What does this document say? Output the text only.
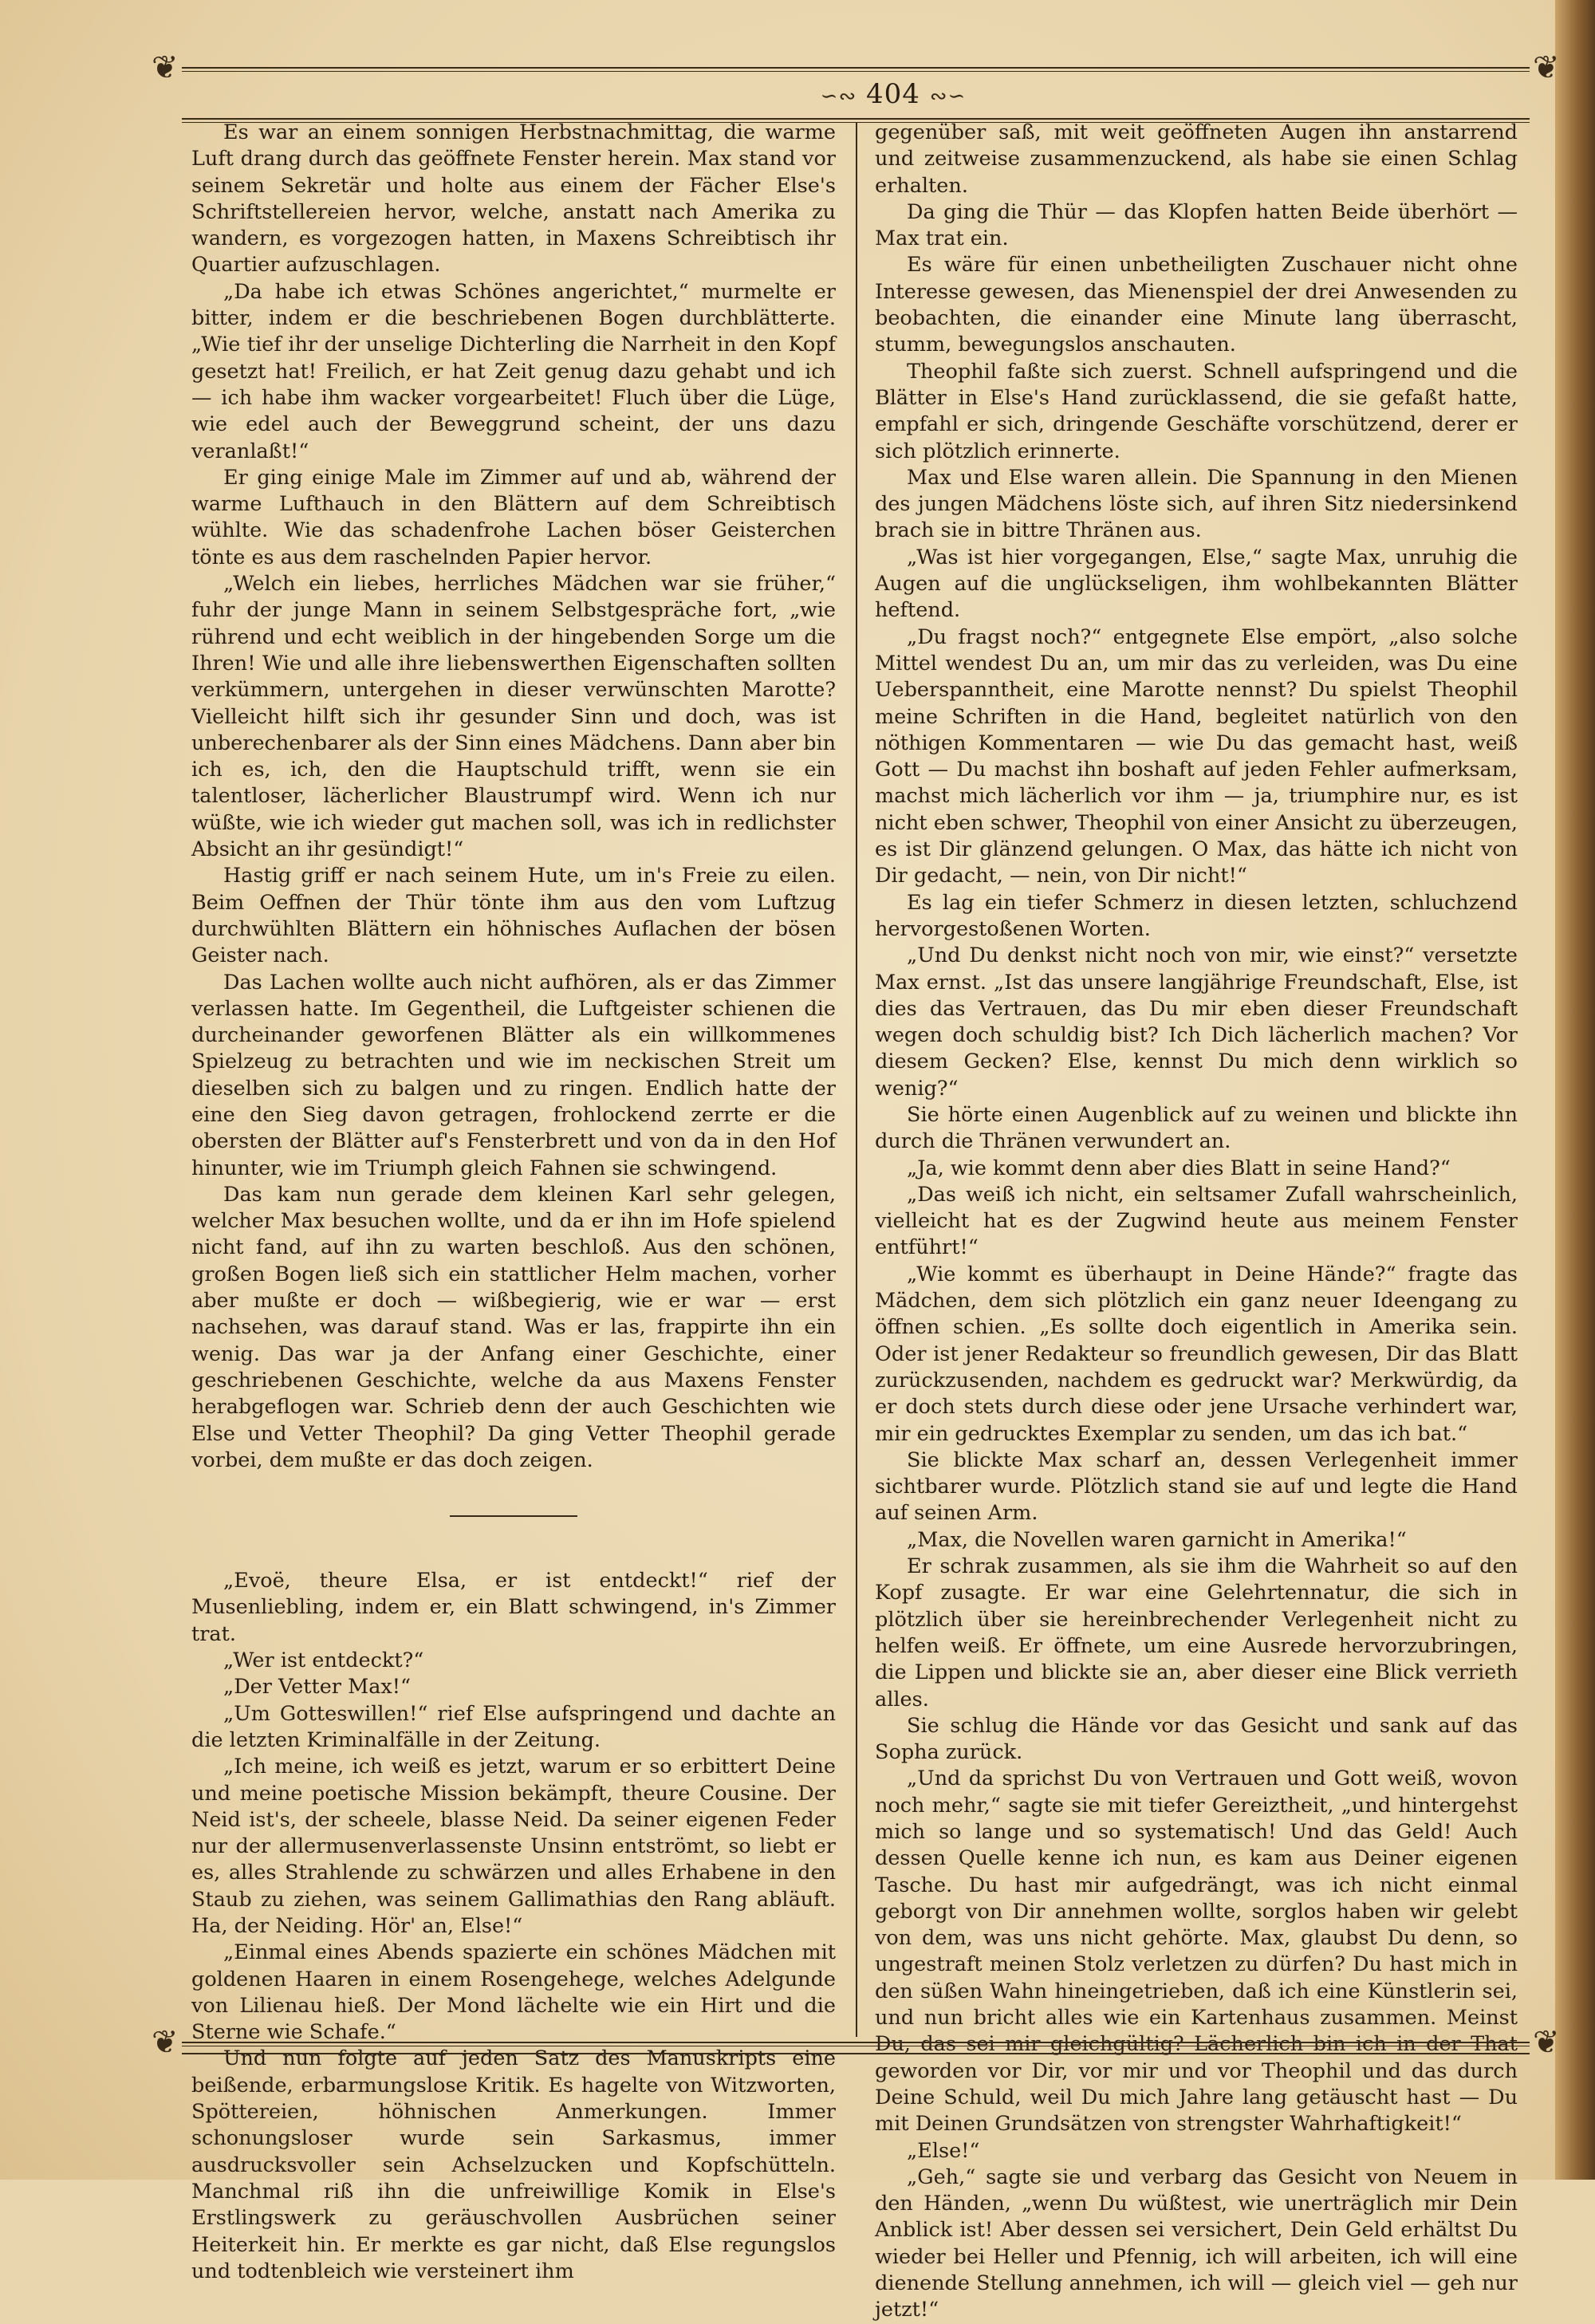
❦	❦
∽∾ 404 ∾∽

Es war an einem sonnigen Herbstnachmittag, die warme Luft drang durch das geöffnete Fenster herein. Max stand vor seinem Sekretär und holte aus einem der Fächer Else's Schriftstellereien hervor, welche, anstatt nach Amerika zu wandern, es vorgezogen hatten, in Maxens Schreibtisch ihr Quartier aufzuschlagen.

„Da habe ich etwas Schönes angerichtet,“ murmelte er bitter, indem er die beschriebenen Bogen durchblätterte. „Wie tief ihr der unselige Dichterling die Narrheit in den Kopf gesetzt hat! Freilich, er hat Zeit genug dazu gehabt und ich — ich habe ihm wacker vorgearbeitet! Fluch über die Lüge, wie edel auch der Beweggrund scheint, der uns dazu veranlaßt!“

Er ging einige Male im Zimmer auf und ab, während der warme Lufthauch in den Blättern auf dem Schreibtisch wühlte. Wie das schadenfrohe Lachen böser Geisterchen tönte es aus dem raschelnden Papier hervor.

„Welch ein liebes, herrliches Mädchen war sie früher,“ fuhr der junge Mann in seinem Selbstgespräche fort, „wie rührend und echt weiblich in der hingebenden Sorge um die Ihren! Wie und alle ihre liebenswerthen Eigenschaften sollten verkümmern, untergehen in dieser verwünschten Marotte? Vielleicht hilft sich ihr gesunder Sinn und doch, was ist unberechenbarer als der Sinn eines Mädchens. Dann aber bin ich es, ich, den die Hauptschuld trifft, wenn sie ein talentloser, lächerlicher Blaustrumpf wird. Wenn ich nur wüßte, wie ich wieder gut machen soll, was ich in redlichster Absicht an ihr gesündigt!“

Hastig griff er nach seinem Hute, um in's Freie zu eilen. Beim Oeffnen der Thür tönte ihm aus den vom Luftzug durchwühlten Blättern ein höhnisches Auflachen der bösen Geister nach.

Das Lachen wollte auch nicht aufhören, als er das Zimmer verlassen hatte. Im Gegentheil, die Luftgeister schienen die durcheinander geworfenen Blätter als ein willkommenes Spielzeug zu betrachten und wie im neckischen Streit um dieselben sich zu balgen und zu ringen. Endlich hatte der eine den Sieg davon getragen, frohlockend zerrte er die obersten der Blätter auf's Fensterbrett und von da in den Hof hinunter, wie im Triumph gleich Fahnen sie schwingend.

Das kam nun gerade dem kleinen Karl sehr gelegen, welcher Max besuchen wollte, und da er ihn im Hofe spielend nicht fand, auf ihn zu warten beschloß. Aus den schönen, großen Bogen ließ sich ein stattlicher Helm machen, vorher aber mußte er doch — wißbegierig, wie er war — erst nachsehen, was darauf stand. Was er las, frappirte ihn ein wenig. Das war ja der Anfang einer Geschichte, einer geschriebenen Geschichte, welche da aus Maxens Fenster herabgeflogen war. Schrieb denn der auch Geschichten wie Else und Vetter Theophil? Da ging Vetter Theophil gerade vorbei, dem mußte er das doch zeigen.

„Evoë, theure Elsa, er ist entdeckt!“ rief der Musenliebling, indem er, ein Blatt schwingend, in's Zimmer trat.

„Wer ist entdeckt?“

„Der Vetter Max!“

„Um Gotteswillen!“ rief Else aufspringend und dachte an die letzten Kriminalfälle in der Zeitung.

„Ich meine, ich weiß es jetzt, warum er so erbittert Deine und meine poetische Mission bekämpft, theure Cousine. Der Neid ist's, der scheele, blasse Neid. Da seiner eigenen Feder nur der allermusenverlassenste Unsinn entströmt, so liebt er es, alles Strahlende zu schwärzen und alles Erhabene in den Staub zu ziehen, was seinem Gallimathias den Rang abläuft. Ha, der Neiding. Hör' an, Else!“

„Einmal eines Abends spazierte ein schönes Mädchen mit goldenen Haaren in einem Rosengehege, welches Adelgunde von Lilienau hieß. Der Mond lächelte wie ein Hirt und die Sterne wie Schafe.“

Und nun folgte auf jeden Satz des Manuskripts eine beißende, erbarmungslose Kritik. Es hagelte von Witzworten, Spöttereien, höhnischen Anmerkungen. Immer schonungsloser wurde sein Sarkasmus, immer ausdrucksvoller sein Achselzucken und Kopfschütteln. Manchmal riß ihn die unfreiwillige Komik in Else's Erstlingswerk zu geräuschvollen Ausbrüchen seiner Heiterkeit hin. Er merkte es gar nicht, daß Else regungslos und todtenbleich wie versteinert ihm

gegenüber saß, mit weit geöffneten Augen ihn anstarrend und zeitweise zusammenzuckend, als habe sie einen Schlag erhalten.

Da ging die Thür — das Klopfen hatten Beide überhört — Max trat ein.

Es wäre für einen unbetheiligten Zuschauer nicht ohne Interesse gewesen, das Mienenspiel der drei Anwesenden zu beobachten, die einander eine Minute lang überrascht, stumm, bewegungslos anschauten.

Theophil faßte sich zuerst. Schnell aufspringend und die Blätter in Else's Hand zurücklassend, die sie gefaßt hatte, empfahl er sich, dringende Geschäfte vorschützend, derer er sich plötzlich erinnerte.

Max und Else waren allein. Die Spannung in den Mienen des jungen Mädchens löste sich, auf ihren Sitz niedersinkend brach sie in bittre Thränen aus.

„Was ist hier vorgegangen, Else,“ sagte Max, unruhig die Augen auf die unglückseligen, ihm wohlbekannten Blätter heftend.

„Du fragst noch?“ entgegnete Else empört, „also solche Mittel wendest Du an, um mir das zu verleiden, was Du eine Ueberspanntheit, eine Marotte nennst? Du spielst Theophil meine Schriften in die Hand, begleitet natürlich von den nöthigen Kommentaren — wie Du das gemacht hast, weiß Gott — Du machst ihn boshaft auf jeden Fehler aufmerksam, machst mich lächerlich vor ihm — ja, triumphire nur, es ist nicht eben schwer, Theophil von einer Ansicht zu überzeugen, es ist Dir glänzend gelungen. O Max, das hätte ich nicht von Dir gedacht, — nein, von Dir nicht!“

Es lag ein tiefer Schmerz in diesen letzten, schluchzend hervorgestoßenen Worten.

„Und Du denkst nicht noch von mir, wie einst?“ versetzte Max ernst. „Ist das unsere langjährige Freundschaft, Else, ist dies das Vertrauen, das Du mir eben dieser Freundschaft wegen doch schuldig bist? Ich Dich lächerlich machen? Vor diesem Gecken? Else, kennst Du mich denn wirklich so wenig?“

Sie hörte einen Augenblick auf zu weinen und blickte ihn durch die Thränen verwundert an.

„Ja, wie kommt denn aber dies Blatt in seine Hand?“

„Das weiß ich nicht, ein seltsamer Zufall wahrscheinlich, vielleicht hat es der Zugwind heute aus meinem Fenster entführt!“

„Wie kommt es überhaupt in Deine Hände?“ fragte das Mädchen, dem sich plötzlich ein ganz neuer Ideengang zu öffnen schien. „Es sollte doch eigentlich in Amerika sein. Oder ist jener Redakteur so freundlich gewesen, Dir das Blatt zurückzusenden, nachdem es gedruckt war? Merkwürdig, da er doch stets durch diese oder jene Ursache verhindert war, mir ein gedrucktes Exemplar zu senden, um das ich bat.“

Sie blickte Max scharf an, dessen Verlegenheit immer sichtbarer wurde. Plötzlich stand sie auf und legte die Hand auf seinen Arm.

„Max, die Novellen waren garnicht in Amerika!“

Er schrak zusammen, als sie ihm die Wahrheit so auf den Kopf zusagte. Er war eine Gelehrtennatur, die sich in plötzlich über sie hereinbrechender Verlegenheit nicht zu helfen weiß. Er öffnete, um eine Ausrede hervorzubringen, die Lippen und blickte sie an, aber dieser eine Blick verrieth alles.

Sie schlug die Hände vor das Gesicht und sank auf das Sopha zurück.

„Und da sprichst Du von Vertrauen und Gott weiß, wovon noch mehr,“ sagte sie mit tiefer Gereiztheit, „und hintergehst mich so lange und so systematisch! Und das Geld! Auch dessen Quelle kenne ich nun, es kam aus Deiner eigenen Tasche. Du hast mir aufgedrängt, was ich nicht einmal geborgt von Dir annehmen wollte, sorglos haben wir gelebt von dem, was uns nicht gehörte. Max, glaubst Du denn, so ungestraft meinen Stolz verletzen zu dürfen? Du hast mich in den süßen Wahn hineingetrieben, daß ich eine Künstlerin sei, und nun bricht alles wie ein Kartenhaus zusammen. Meinst Du, das sei mir gleichgültig? Lächerlich bin ich in der That geworden vor Dir, vor mir und vor Theophil und das durch Deine Schuld, weil Du mich Jahre lang getäuscht hast — Du mit Deinen Grundsätzen von strengster Wahrhaftigkeit!“

„Else!“

„Geh,“ sagte sie und verbarg das Gesicht von Neuem in den Händen, „wenn Du wüßtest, wie unerträglich mir Dein Anblick ist! Aber dessen sei versichert, Dein Geld erhältst Du wieder bei Heller und Pfennig, ich will arbeiten, ich will eine dienende Stellung annehmen, ich will — gleich viel — geh nur jetzt!“

❦	❦
